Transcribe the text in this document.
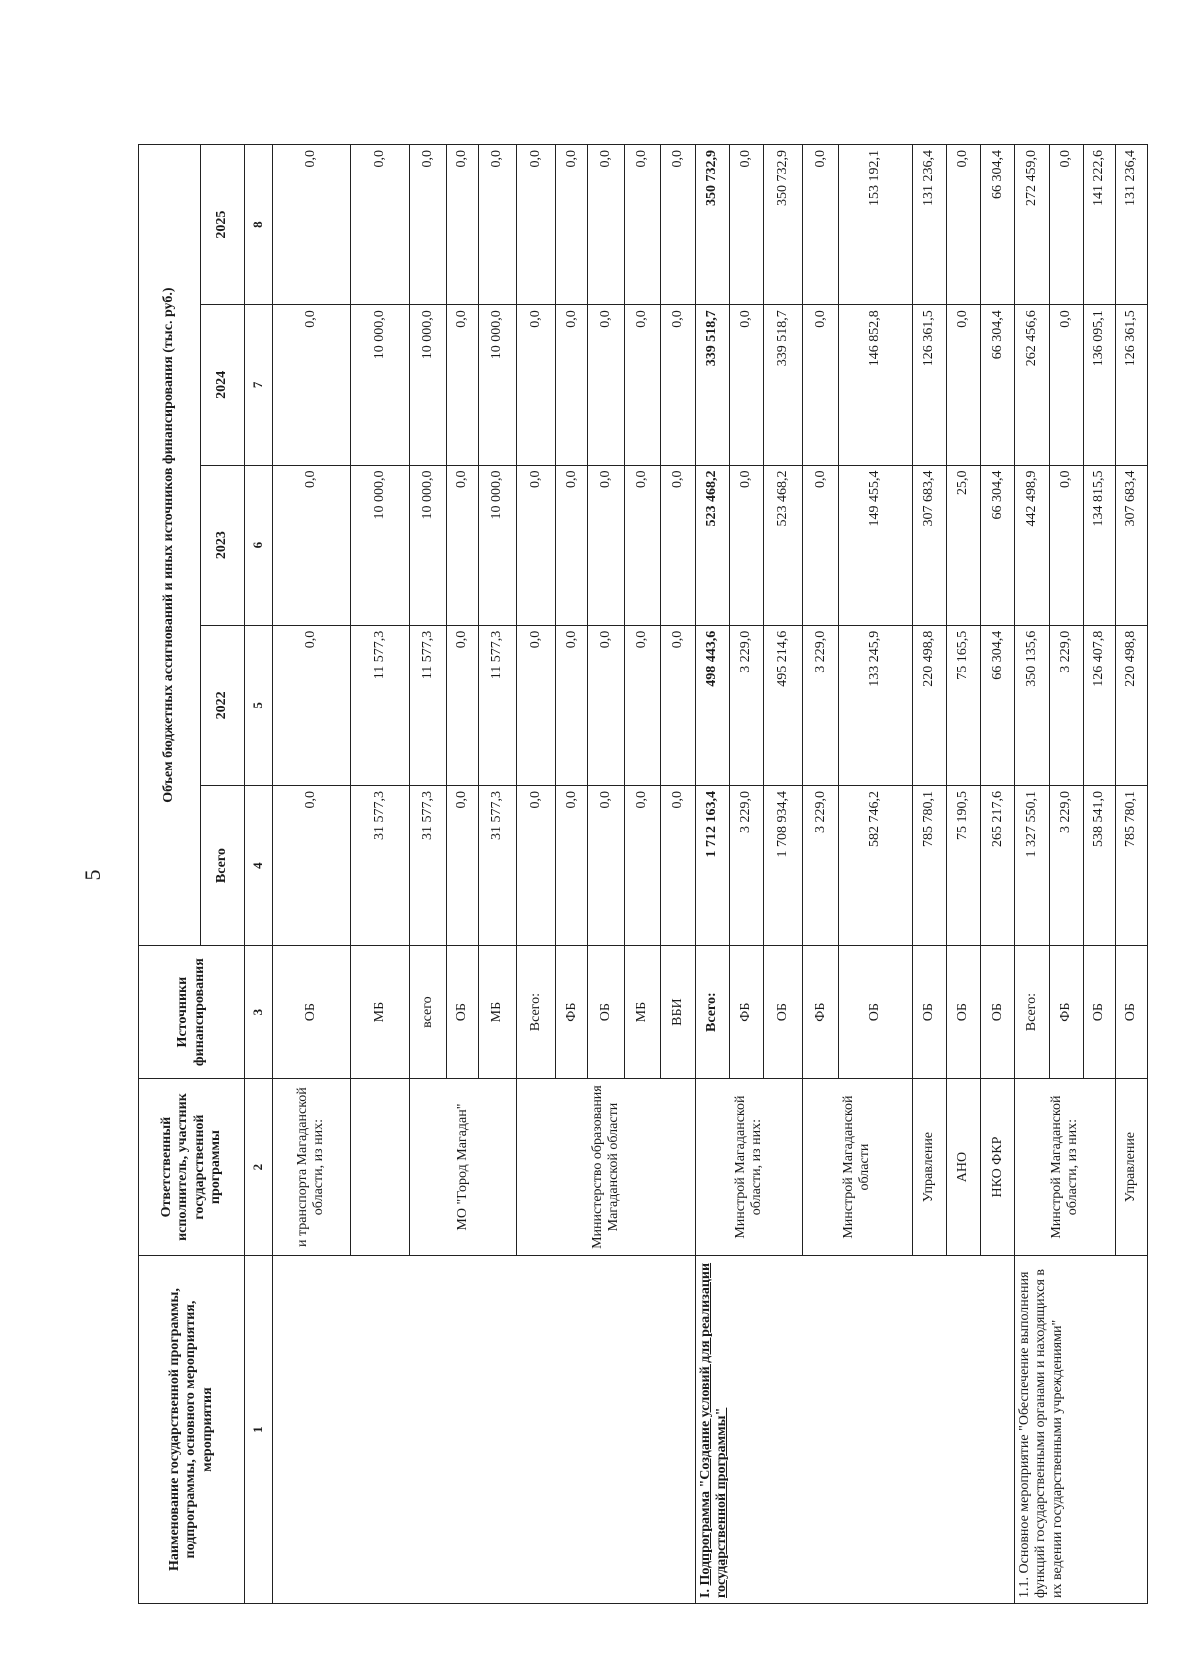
5
Наименование государственной программы, подпрограммы, основного мероприятия, мероприятия	Ответственный исполнитель, участник государственной программы	Источники финансирования	Объем бюджетных ассигнований и иных источников финансирования (тыс. руб.)				
			Всего	2022	2023	2024	2025
1	2	3	4	5	6	7	8
	и транспорта Магаданской области, из них:	ОБ	0,0	0,0	0,0	0,0	0,0
		МБ	31 577,3	11 577,3	10 000,0	10 000,0	0,0
	МО "Город Магадан"	всего	31 577,3	11 577,3	10 000,0	10 000,0	0,0
		ОБ	0,0	0,0	0,0	0,0	0,0
		МБ	31 577,3	11 577,3	10 000,0	10 000,0	0,0
	Министерство образования Магаданской области	Всего:	0,0	0,0	0,0	0,0	0,0
		ФБ	0,0	0,0	0,0	0,0	0,0
		ОБ	0,0	0,0	0,0	0,0	0,0
		МБ	0,0	0,0	0,0	0,0	0,0
		ВБИ	0,0	0,0	0,0	0,0	0,0
I. Подпрограмма "Создание условий для реализации государственной программы"	Минстрой Магаданской области, из них:	Всего:	1 712 163,4	498 443,6	523 468,2	339 518,7	350 732,9
		ФБ	3 229,0	3 229,0	0,0	0,0	0,0
		ОБ	1 708 934,4	495 214,6	523 468,2	339 518,7	350 732,9
	Минстрой Магаданской области	ФБ	3 229,0	3 229,0	0,0	0,0	0,0
		ОБ	582 746,2	133 245,9	149 455,4	146 852,8	153 192,1
	Управление	ОБ	785 780,1	220 498,8	307 683,4	126 361,5	131 236,4
	АНО	ОБ	75 190,5	75 165,5	25,0	0,0	0,0
	НКО ФКР	ОБ	265 217,6	66 304,4	66 304,4	66 304,4	66 304,4
1.1. Основное мероприятие "Обеспечение выполнения функций государственными органами и находящихся в их ведении государственными учреждениями"	Минстрой Магаданской области, из них:	Всего:	1 327 550,1	350 135,6	442 498,9	262 456,6	272 459,0
		ФБ	3 229,0	3 229,0	0,0	0,0	0,0
		ОБ	538 541,0	126 407,8	134 815,5	136 095,1	141 222,6
	Управление	ОБ	785 780,1	220 498,8	307 683,4	126 361,5	131 236,4
